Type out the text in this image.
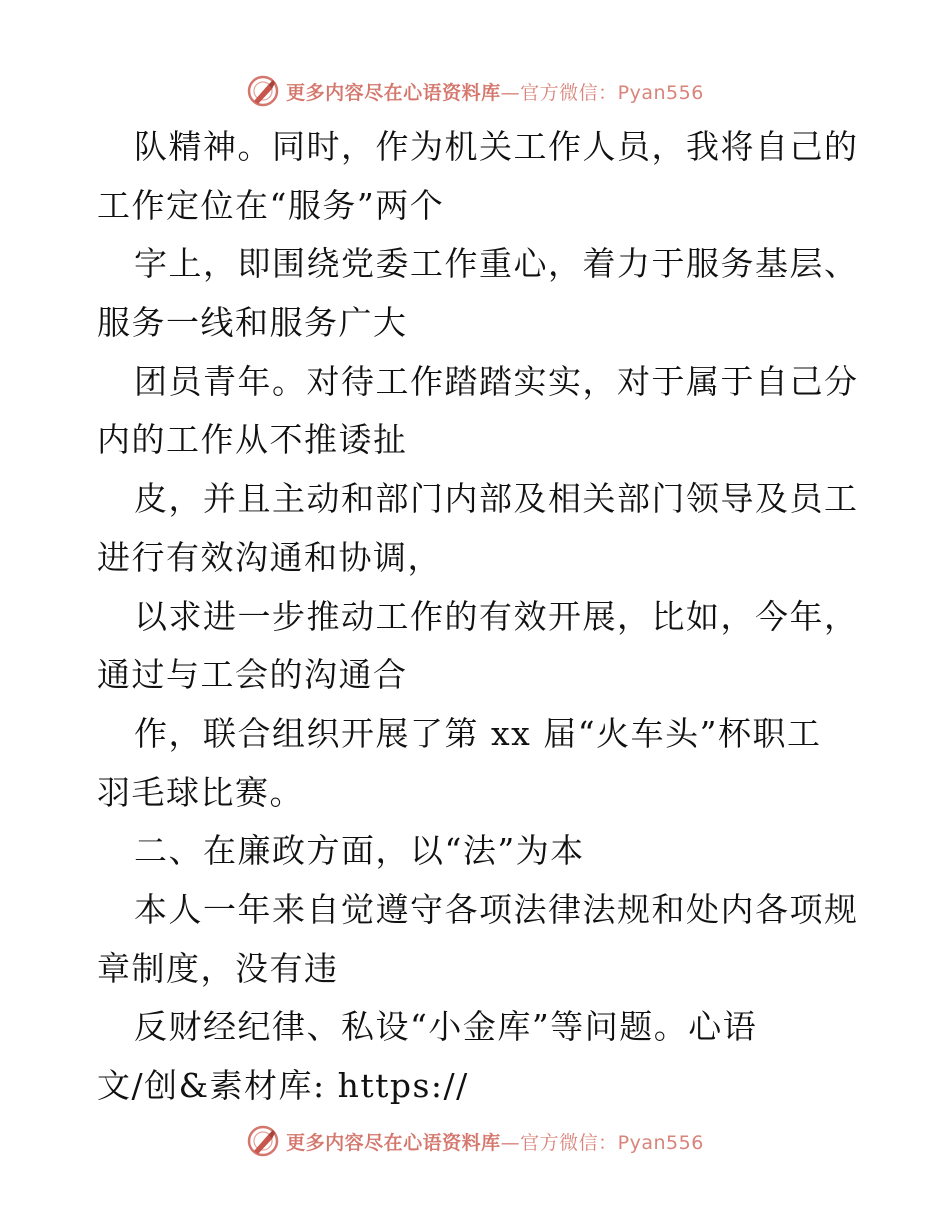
更多内容尽在心语资料库—官方微信：Pyan556
队精神。同时，作为机关工作人员，我将自己的
工作定位在“服务”两个
字上，即围绕党委工作重心，着力于服务基层、
服务一线和服务广大
团员青年。对待工作踏踏实实，对于属于自己分
内的工作从不推诿扯
皮，并且主动和部门内部及相关部门领导及员工
进行有效沟通和协调，
以求进一步推动工作的有效开展，比如，今年，
通过与工会的沟通合
作，联合组织开展了第 xx 届“火车头”杯职工
羽毛球比赛。
二、在廉政方面，以“法”为本
本人一年来自觉遵守各项法律法规和处内各项规
章制度，没有违
反财经纪律、私设“小金库”等问题。心语
文/创&素材库: https://
更多内容尽在心语资料库—官方微信：Pyan556
